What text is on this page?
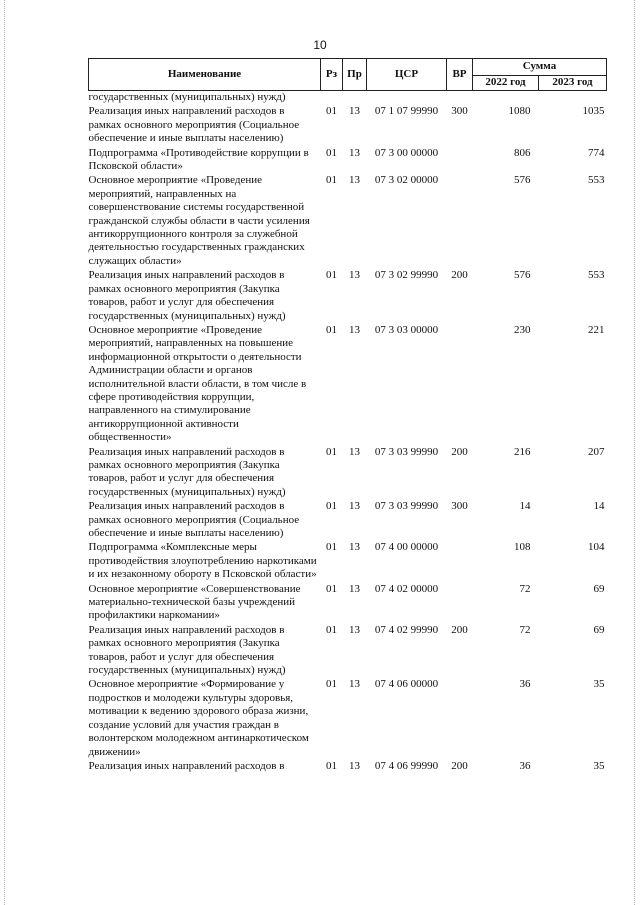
10
Наименование	Рз	Пр	ЦСР	ВР	Сумма	
					2022 год	2023 год
государственных (муниципальных) нужд)						
Реализация иных направлений расходов в рамках основного мероприятия (Социальное обеспечение и иные выплаты населению)	01	13	07 1 07 99990	300	1080	1035
Подпрограмма «Противодействие коррупции в Псковской области»	01	13	07 3 00 00000		806	774
Основное мероприятие «Проведение мероприятий, направленных на совершенствование системы государственной гражданской службы области в части усиления антикоррупционного контроля за служебной деятельностью государственных гражданских служащих области»	01	13	07 3 02 00000		576	553
Реализация иных направлений расходов в рамках основного мероприятия (Закупка товаров, работ и услуг для обеспечения государственных (муниципальных) нужд)	01	13	07 3 02 99990	200	576	553
Основное мероприятие «Проведение мероприятий, направленных на повышение информационной открытости о деятельности Администрации области и органов исполнительной власти области, в том числе в сфере противодействия коррупции, направленного на стимулирование антикоррупционной активности общественности»	01	13	07 3 03 00000		230	221
Реализация иных направлений расходов в рамках основного мероприятия (Закупка товаров, работ и услуг для обеспечения государственных (муниципальных) нужд)	01	13	07 3 03 99990	200	216	207
Реализация иных направлений расходов в рамках основного мероприятия (Социальное обеспечение и иные выплаты населению)	01	13	07 3 03 99990	300	14	14
Подпрограмма «Комплексные меры противодействия злоупотреблению наркотиками и их незаконному обороту в Псковской области»	01	13	07 4 00 00000		108	104
Основное мероприятие «Совершенствование материально-технической базы учреждений профилактики наркомании»	01	13	07 4 02 00000		72	69
Реализация иных направлений расходов в рамках основного мероприятия (Закупка товаров, работ и услуг для обеспечения государственных (муниципальных) нужд)	01	13	07 4 02 99990	200	72	69
Основное мероприятие «Формирование у подростков и молодежи культуры здоровья, мотивации к ведению здорового образа жизни, создание условий для участия граждан в волонтерском молодежном антинаркотическом движении»	01	13	07 4 06 00000		36	35
Реализация иных направлений расходов в	01	13	07 4 06 99990	200	36	35
